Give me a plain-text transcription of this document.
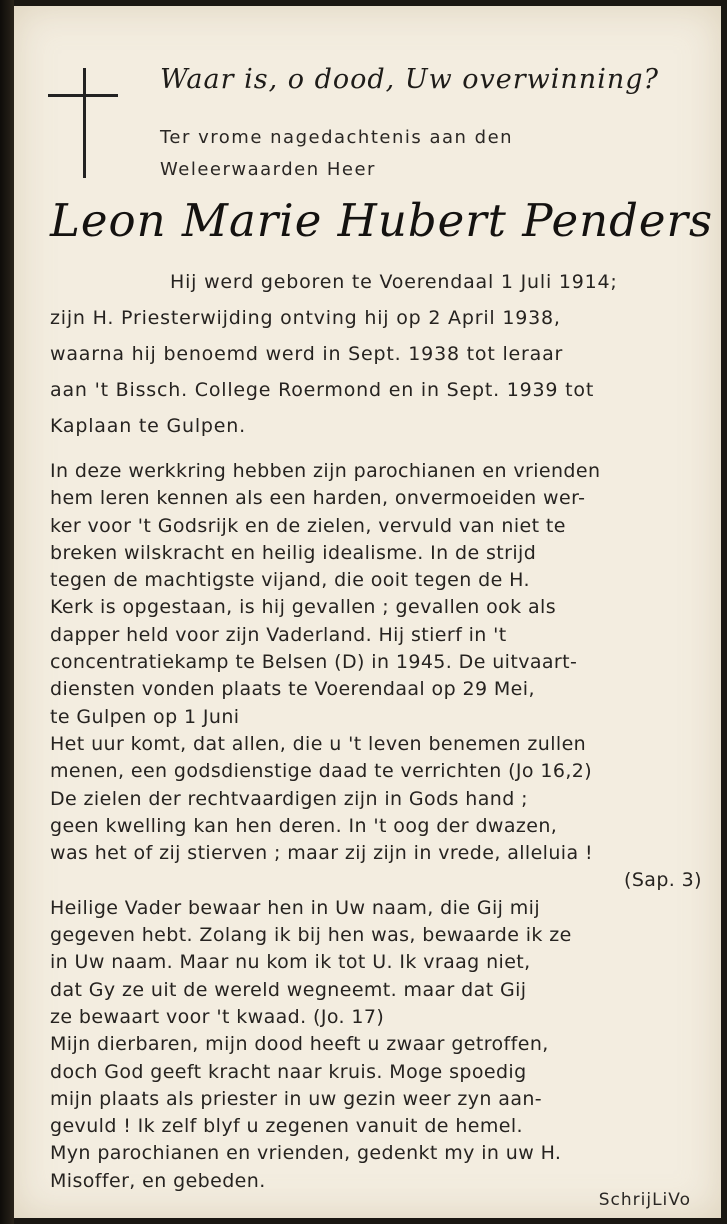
Waar is, o dood, Uw overwinning?
Ter vrome nagedachtenis aan den
Weleerwaarden Heer
Leon Marie Hubert Penders
Hij werd geboren te Voerendaal 1 Juli 1914;
zijn H. Priesterwijding ontving hij op 2 April 1938,
waarna hij benoemd werd in Sept. 1938 tot leraar
aan 't Bissch. College Roermond en in Sept. 1939 tot
Kaplaan te Gulpen.
In deze werkkring hebben zijn parochianen en vrienden
hem leren kennen als een harden, onvermoeiden wer-
ker voor 't Godsrijk en de zielen, vervuld van niet te
breken wilskracht en heilig idealisme. In de strijd
tegen de machtigste vijand, die ooit tegen de H.
Kerk is opgestaan, is hij gevallen ; gevallen ook als
dapper held voor zijn Vaderland. Hij stierf in 't
concentratiekamp te Belsen (D) in 1945. De uitvaart-
diensten vonden plaats te Voerendaal op 29 Mei,
te Gulpen op 1 Juni
Het uur komt, dat allen, die u 't leven benemen zullen
menen, een godsdienstige daad te verrichten (Jo 16,2)
De zielen der rechtvaardigen zijn in Gods hand ;
geen kwelling kan hen deren. In 't oog der dwazen,
was het of zij stierven ; maar zij zijn in vrede, alleluia !
(Sap. 3)
Heilige Vader bewaar hen in Uw naam, die Gij mij
gegeven hebt. Zolang ik bij hen was, bewaarde ik ze
in Uw naam. Maar nu kom ik tot U. Ik vraag niet,
dat Gy ze uit de wereld wegneemt. maar dat Gij
ze bewaart voor 't kwaad. (Jo. 17)
Mijn dierbaren, mijn dood heeft u zwaar getroffen,
doch God geeft kracht naar kruis. Moge spoedig
mijn plaats als priester in uw gezin weer zyn aan-
gevuld ! Ik zelf blyf u zegenen vanuit de hemel.
Myn parochianen en vrienden, gedenkt my in uw H.
Misoffer, en gebeden.
SchrijLiVo
